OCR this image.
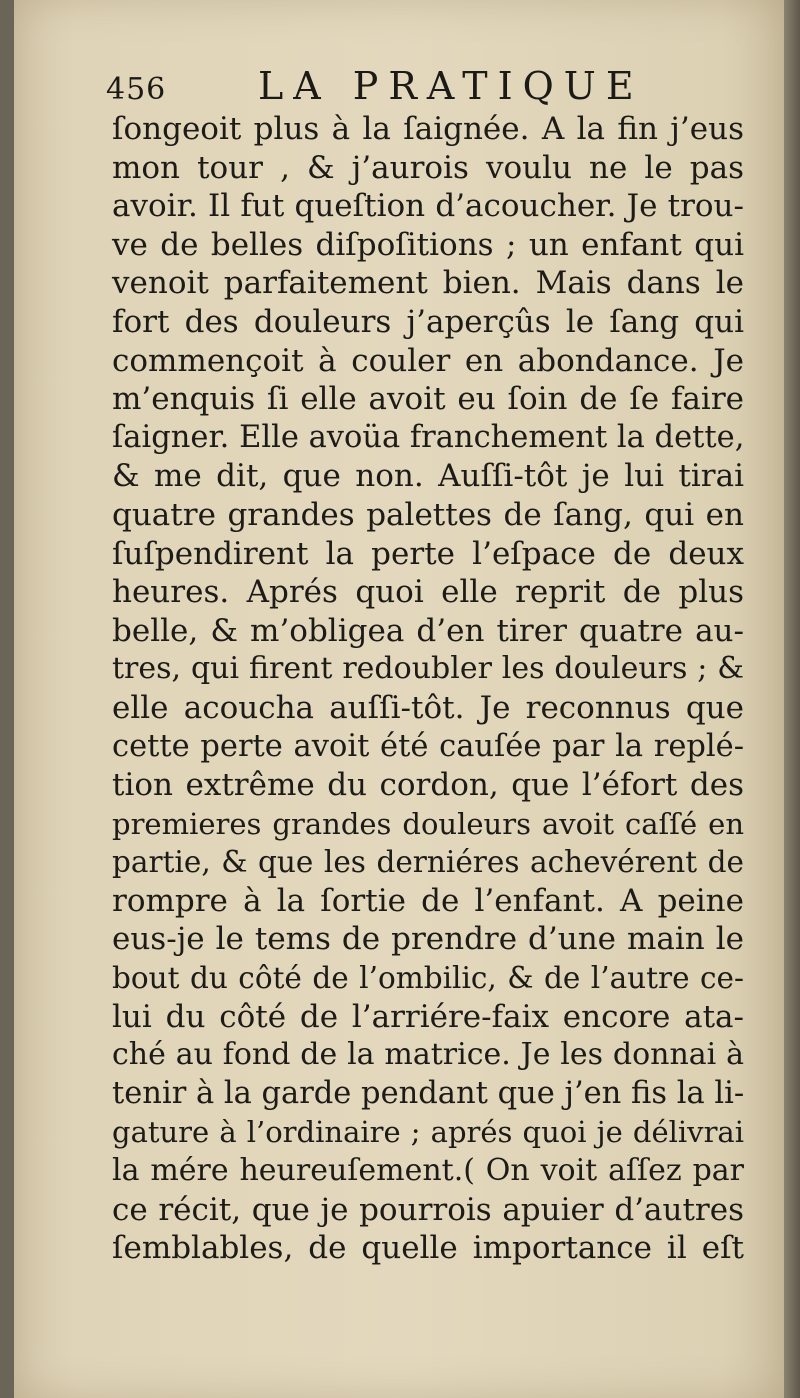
456 LA PRATIQUE
ſongeoit plus à la ſaignée. A la fin j’eus
mon tour , & j’aurois voulu ne le pas
avoir. Il fut queſtion d’acoucher. Je trou-
ve de belles diſpoſitions ; un enfant qui
venoit parfaitement bien. Mais dans le
fort des douleurs j’aperçûs le ſang qui
commençoit à couler en abondance. Je
m’enquis ſi elle avoit eu ſoin de ſe faire
ſaigner. Elle avoüa franchement la dette,
& me dit, que non. Auſſi-tôt je lui tirai
quatre grandes palettes de ſang, qui en
ſuſpendirent la perte l’eſpace de deux
heures. Aprés quoi elle reprit de plus
belle, & m’obligea d’en tirer quatre au-
tres, qui firent redoubler les douleurs ; &
elle acoucha auſſi-tôt. Je reconnus que
cette perte avoit été cauſée par la replé-
tion extrême du cordon, que l’éfort des
premieres grandes douleurs avoit caſſé en
partie, & que les derniéres achevérent de
rompre à la ſortie de l’enfant. A peine
eus-je le tems de prendre d’une main le
bout du côté de l’ombilic, & de l’autre ce-
lui du côté de l’arriére-faix encore ata-
ché au fond de la matrice. Je les donnai à
tenir à la garde pendant que j’en fis la li-
gature à l’ordinaire ; aprés quoi je délivrai
la mére heureuſement.( On voit aſſez par
ce récit, que je pourrois apuier d’autres
ſemblables, de quelle importance il eſt
